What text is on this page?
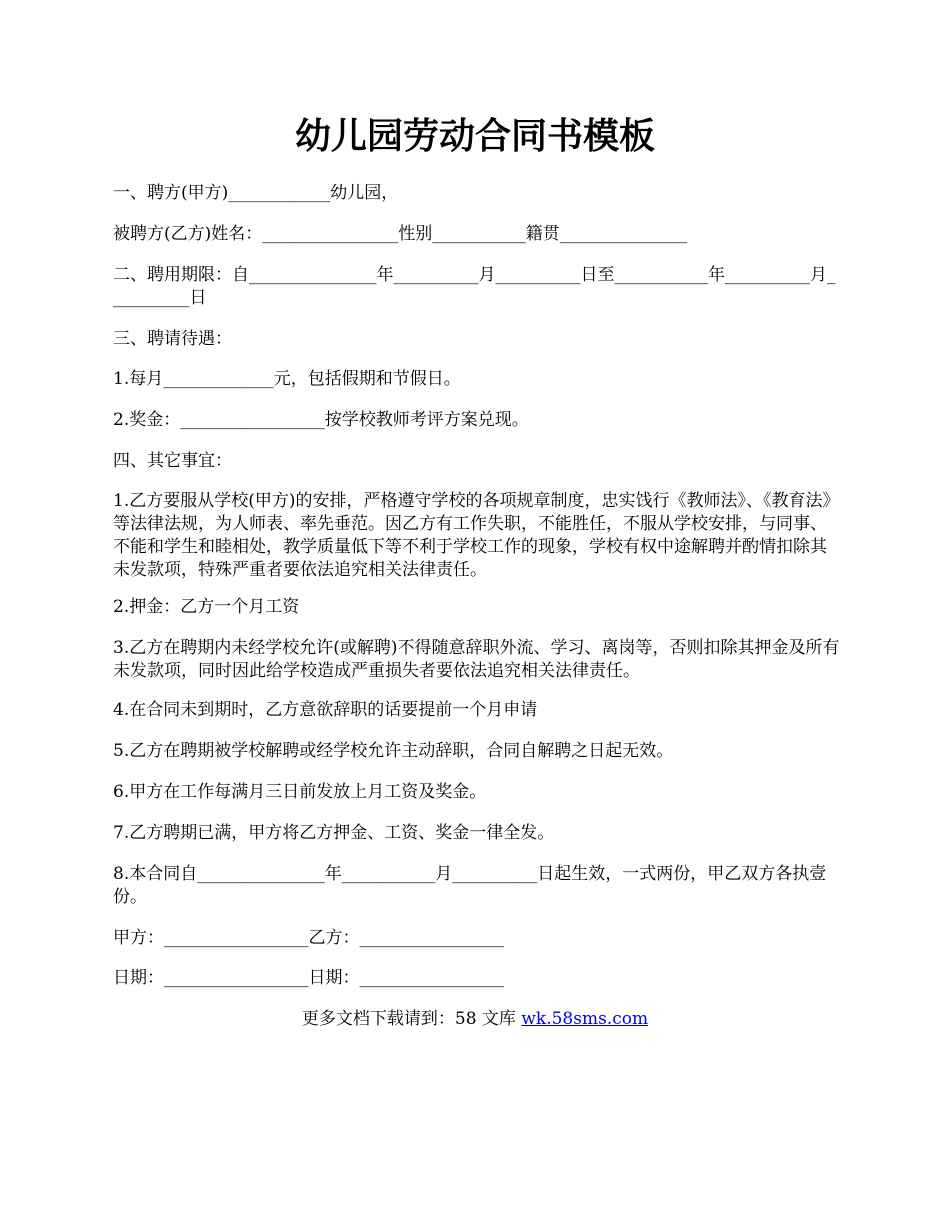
幼儿园劳动合同书模板

一、聘方(甲方)____________幼儿园，

被聘方(乙方)姓名：________________性别___________籍贯_______________

二、聘用期限：自_______________年__________月__________日至___________年__________月__________日

三、聘请待遇：

1.每月_____________元，包括假期和节假日。

2.奖金：_________________按学校教师考评方案兑现。

四、其它事宜：

1.乙方要服从学校(甲方)的安排，严格遵守学校的各项规章制度，忠实饯行《教师法》、《教育法》等法律法规，为人师表、率先垂范。因乙方有工作失职，不能胜任，不服从学校安排，与同事、不能和学生和睦相处，教学质量低下等不利于学校工作的现象，学校有权中途解聘并酌情扣除其未发款项，特殊严重者要依法追究相关法律责任。

2.押金：乙方一个月工资

3.乙方在聘期内未经学校允许(或解聘)不得随意辞职外流、学习、离岗等，否则扣除其押金及所有未发款项，同时因此给学校造成严重损失者要依法追究相关法律责任。

4.在合同未到期时，乙方意欲辞职的话要提前一个月申请

5.乙方在聘期被学校解聘或经学校允许主动辞职，合同自解聘之日起无效。

6.甲方在工作每满月三日前发放上月工资及奖金。

7.乙方聘期已满，甲方将乙方押金、工资、奖金一律全发。

8.本合同自_______________年___________月__________日起生效，一式两份，甲乙双方各执壹份。

甲方：_________________乙方：_________________

日期：_________________日期：_________________

更多文档下载请到：58 文库 wk.58sms.com
